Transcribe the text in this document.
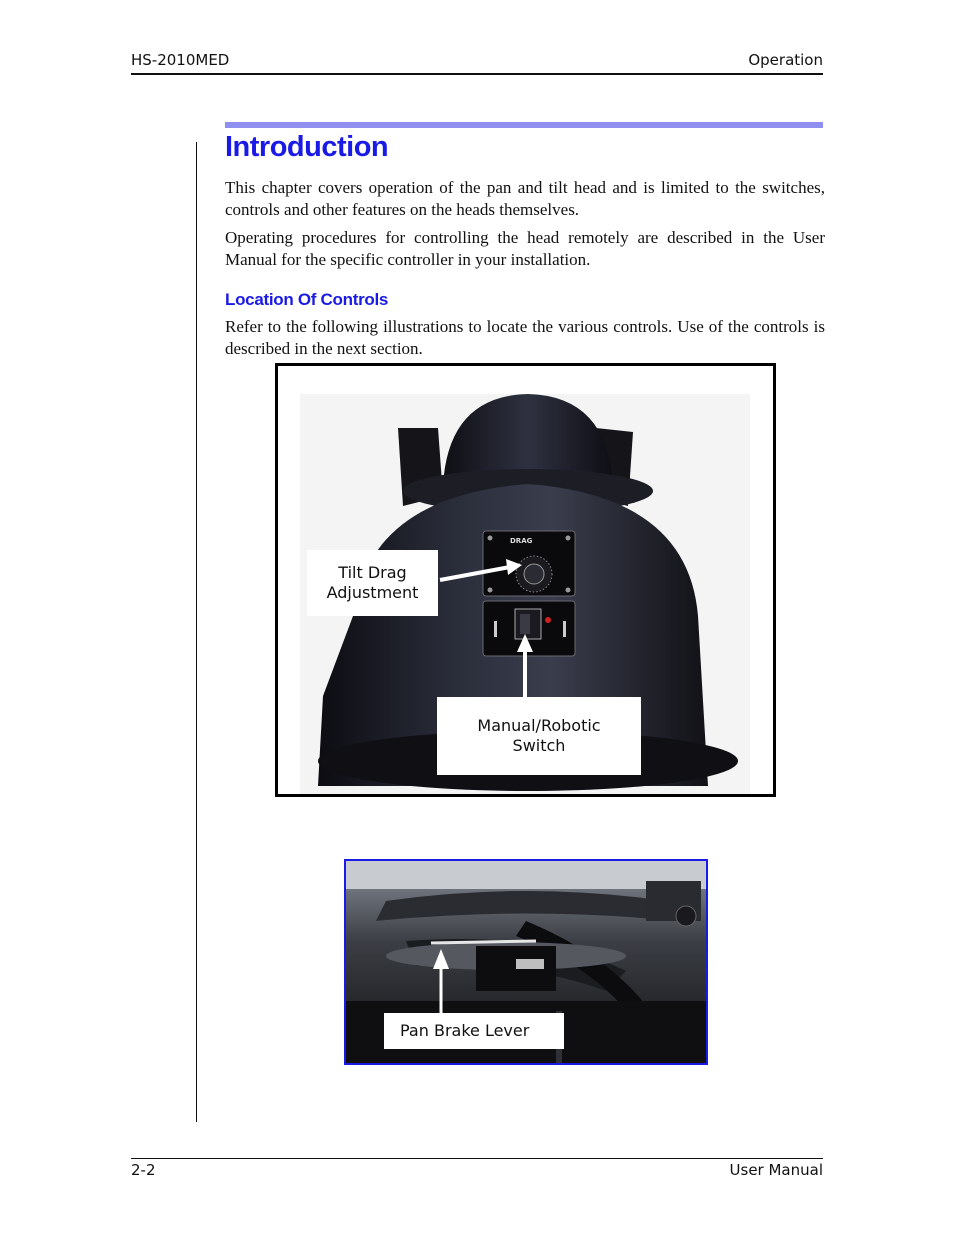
HS-2010MED	Operation
Introduction

This chapter covers operation of the pan and tilt head and is limited to the switches, controls and other features on the heads themselves.

Operating procedures for controlling the head remotely are described in the User Manual for the specific controller in your installation.

Location Of Controls

Refer to the following illustrations to locate the various controls. Use of the controls is described in the next section.

DRAG
Tilt Drag
Adjustment
Manual/Robotic
Switch
Pan Brake Lever
2-2	User Manual
